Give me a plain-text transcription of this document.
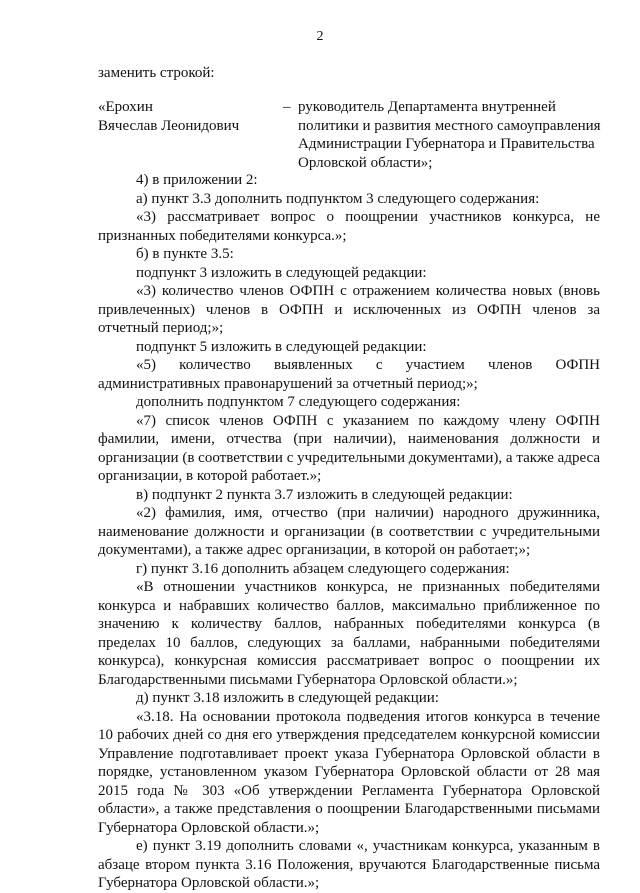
2
заменить строкой:
«Ерохин
Вячеслав Леонидович
– руководитель Департамента внутренней политики и развития местного самоуправления Администрации Губернатора и Правительства Орловской области»;

4) в приложении 2:

а) пункт 3.3 дополнить подпунктом 3 следующего содержания:

«3) рассматривает вопрос о поощрении участников конкурса, не признанных победителями конкурса.»;

б) в пункте 3.5:

подпункт 3 изложить в следующей редакции:

«3) количество членов ОФПН с отражением количества новых (вновь привлеченных) членов в ОФПН и исключенных из ОФПН членов за отчетный период;»;

подпункт 5 изложить в следующей редакции:

«5) количество выявленных с участием членов ОФПН административных правонарушений за отчетный период;»;

дополнить подпунктом 7 следующего содержания:

«7) список членов ОФПН с указанием по каждому члену ОФПН фамилии, имени, отчества (при наличии), наименования должности и организации (в соответствии с учредительными документами), а также адреса организации, в которой работает.»;

в) подпункт 2 пункта 3.7 изложить в следующей редакции:

«2) фамилия, имя, отчество (при наличии) народного дружинника, наименование должности и организации (в соответствии с учредительными документами), а также адрес организации, в которой он работает;»;

г) пункт 3.16 дополнить абзацем следующего содержания:

«В отношении участников конкурса, не признанных победителями конкурса и набравших количество баллов, максимально приближенное по значению к количеству баллов, набранных победителями конкурса (в пределах 10 баллов, следующих за баллами, набранными победителями конкурса), конкурсная комиссия рассматривает вопрос о поощрении их Благодарственными письмами Губернатора Орловской области.»;

д) пункт 3.18 изложить в следующей редакции:

«3.18. На основании протокола подведения итогов конкурса в течение 10 рабочих дней со дня его утверждения председателем конкурсной комиссии Управление подготавливает проект указа Губернатора Орловской области в порядке, установленном указом Губернатора Орловской области от 28 мая 2015 года № 303 «Об утверждении Регламента Губернатора Орловской области», а также представления о поощрении Благодарственными письмами Губернатора Орловской области.»;

е) пункт 3.19 дополнить словами «, участникам конкурса, указанным в абзаце втором пункта 3.16 Положения, вручаются Благодарственные письма Губернатора Орловской области.»;
